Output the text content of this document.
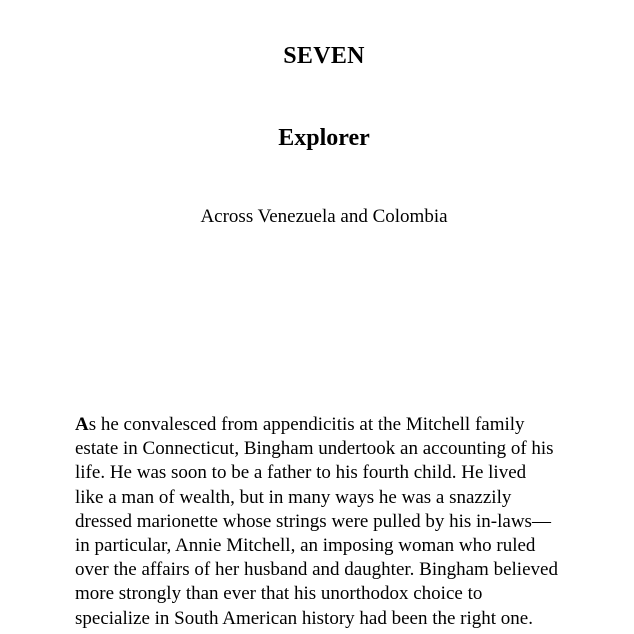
SEVEN
Explorer
Across Venezuela and Colombia

As he convalesced from appendicitis at the Mitchell family
estate in Connecticut, Bingham undertook an accounting of his
life. He was soon to be a father to his fourth child. He lived
like a man of wealth, but in many ways he was a snazzily
dressed marionette whose strings were pulled by his in-laws—
in particular, Annie Mitchell, an imposing woman who ruled
over the affairs of her husband and daughter. Bingham believed
more strongly than ever that his unorthodox choice to
specialize in South American history had been the right one.
